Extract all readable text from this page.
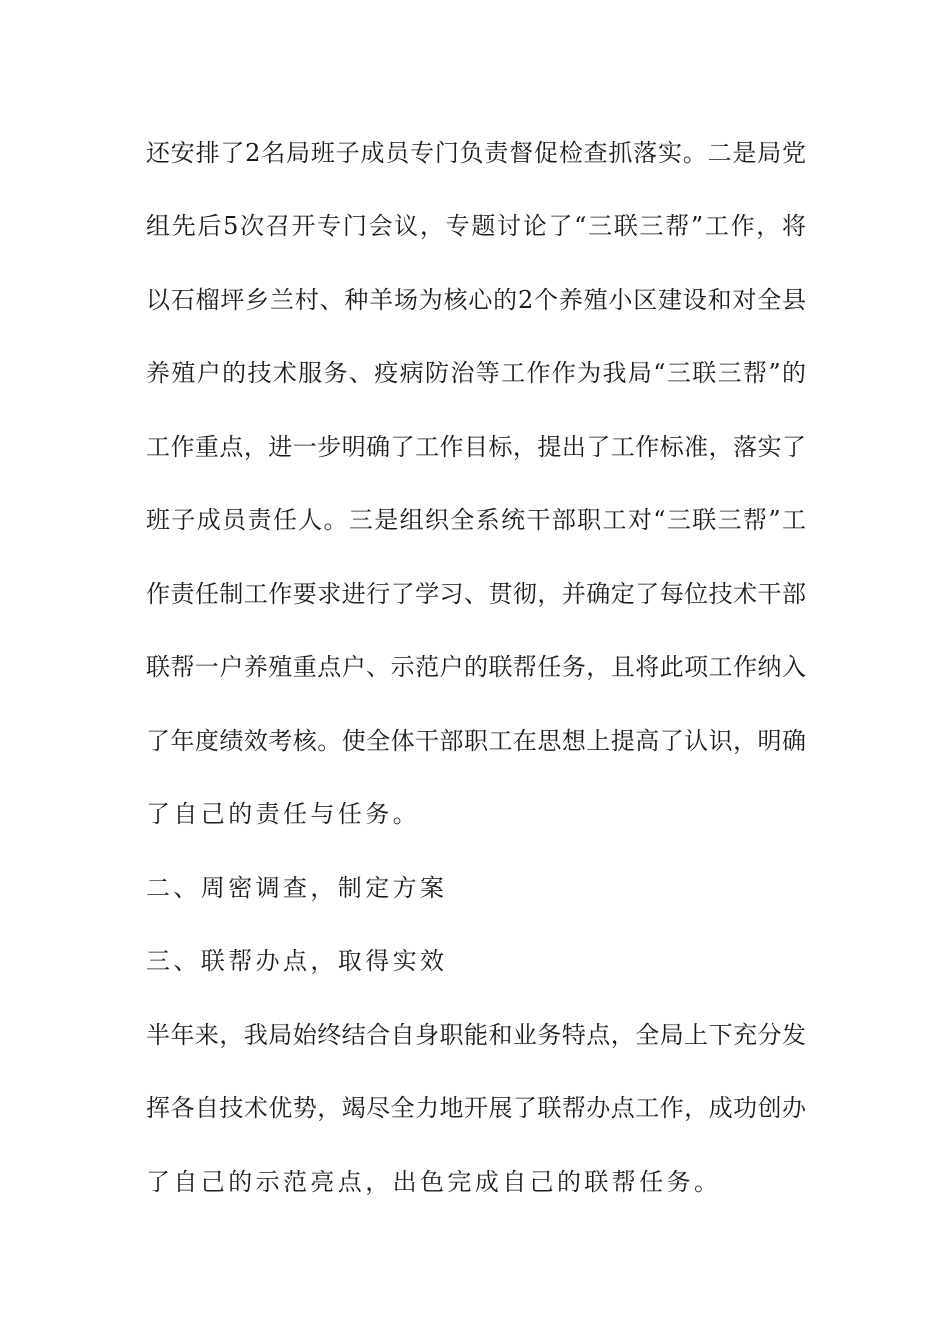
还安排了2名局班子成员专门负责督促检查抓落实。二是局党
组先后5次召开专门会议，专题讨论了“三联三帮”工作，将
以石榴坪乡兰村、种羊场为核心的2个养殖小区建设和对全县
养殖户的技术服务、疫病防治等工作作为我局“三联三帮”的
工作重点，进一步明确了工作目标，提出了工作标准，落实了
班子成员责任人。三是组织全系统干部职工对“三联三帮”工
作责任制工作要求进行了学习、贯彻，并确定了每位技术干部
联帮一户养殖重点户、示范户的联帮任务，且将此项工作纳入
了年度绩效考核。使全体干部职工在思想上提高了认识，明确
了自己的责任与任务。
二、周密调查，制定方案
三、联帮办点，取得实效
半年来，我局始终结合自身职能和业务特点，全局上下充分发
挥各自技术优势，竭尽全力地开展了联帮办点工作，成功创办
了自己的示范亮点，出色完成自己的联帮任务。
